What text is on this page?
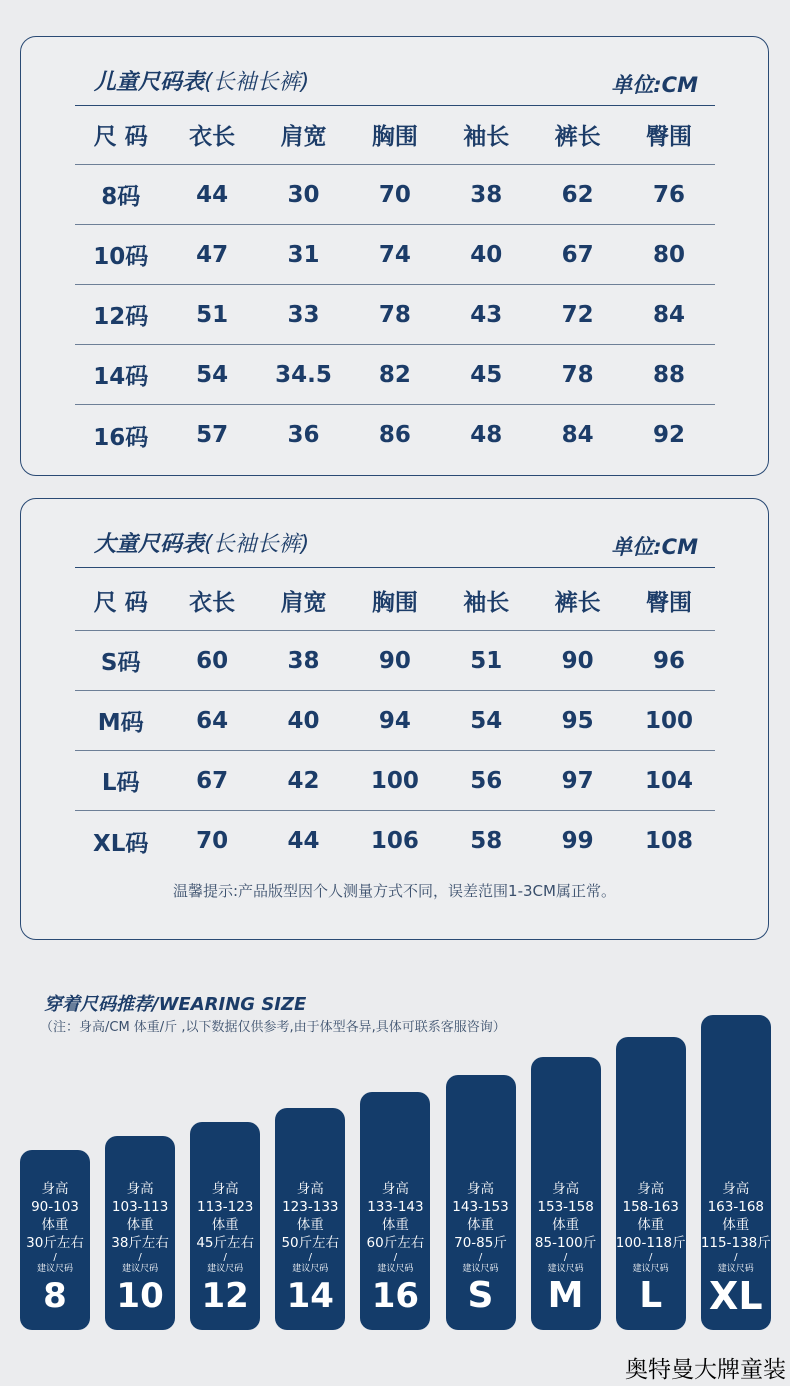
儿童尺码表(长袖长裤)	单位:CM
尺 码	衣长	肩宽	胸围	袖长	裤长	臀围
8码	44	30	70	38	62	76
10码	47	31	74	40	67	80
12码	51	33	78	43	72	84
14码	54	34.5	82	45	78	88
16码	57	36	86	48	84	92
大童尺码表(长袖长裤)	单位:CM
温馨提示:产品版型因个人测量方式不同，误差范围1-3CM属正常。
尺 码	衣长	肩宽	胸围	袖长	裤长	臀围
S码	60	38	90	51	90	96
M码	64	40	94	54	95	100
L码	67	42	100	56	97	104
XL码	70	44	106	58	99	108
穿着尺码推荐/WEARING SIZE
（注：身高/CM 体重/斤 ,以下数据仅供参考,由于体型各异,具体可联系客服咨询）
身高
90-103
体重
30斤左右
/
建议尺码
8
身高
103-113
体重
38斤左右
/
建议尺码
10
身高
113-123
体重
45斤左右
/
建议尺码
12
身高
123-133
体重
50斤左右
/
建议尺码
14
身高
133-143
体重
60斤左右
/
建议尺码
16
身高
143-153
体重
70-85斤
/
建议尺码
S
身高
153-158
体重
85-100斤
/
建议尺码
M
身高
158-163
体重
100-118斤
/
建议尺码
L
身高
163-168
体重
115-138斤
/
建议尺码
XL
奥特曼大牌童装
